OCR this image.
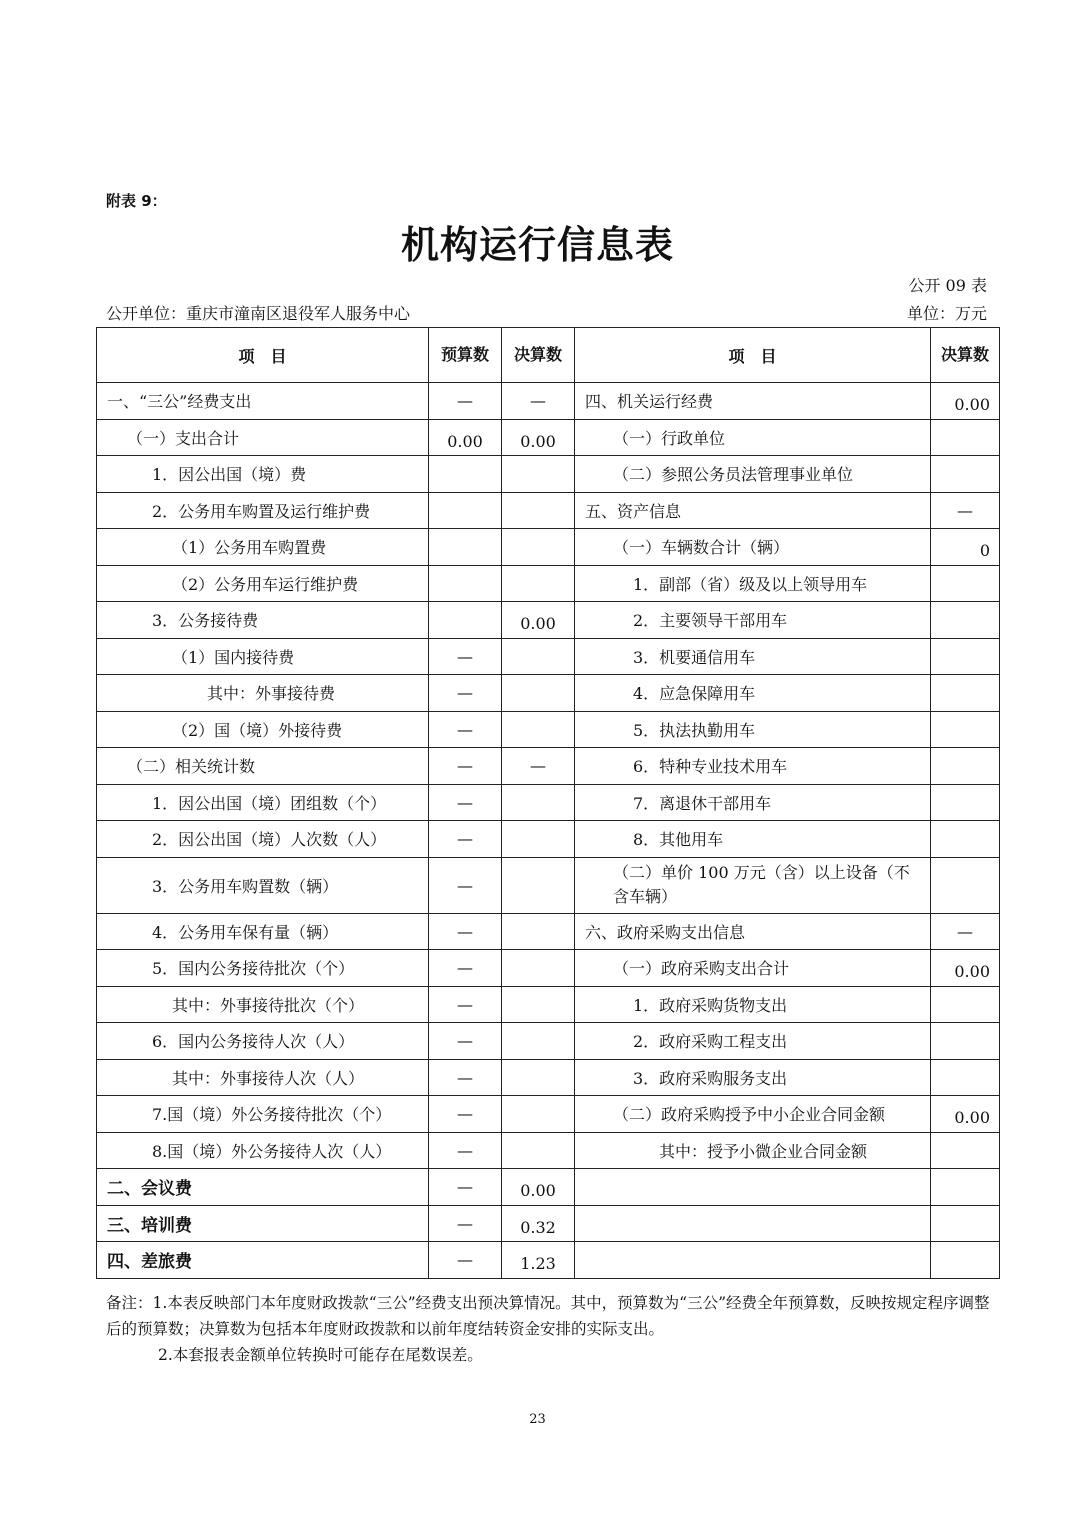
附表 9：
机构运行信息表
公开 09 表
公开单位：重庆市潼南区退役军人服务中心	单位：万元
项　目	预算数	决算数	项　目	决算数
一、“三公”经费支出	—	—	四、机关运行经费	0.00
（一）支出合计	0.00	0.00	（一）行政单位	
1．因公出国（境）费			（二）参照公务员法管理事业单位	
2．公务用车购置及运行维护费			五、资产信息	—
（1）公务用车购置费			（一）车辆数合计（辆）	0
（2）公务用车运行维护费			1．副部（省）级及以上领导用车	
3．公务接待费		0.00	2．主要领导干部用车	
（1）国内接待费	—		3．机要通信用车	
其中：外事接待费	—		4．应急保障用车	
（2）国（境）外接待费	—		5．执法执勤用车	
（二）相关统计数	—	—	6．特种专业技术用车	
1．因公出国（境）团组数（个）	—		7．离退休干部用车	
2．因公出国（境）人次数（人）	—		8．其他用车	
3．公务用车购置数（辆）	—		（二）单价 100 万元（含）以上设备（不含车辆）	
4．公务用车保有量（辆）	—		六、政府采购支出信息	—
5．国内公务接待批次（个）	—		（一）政府采购支出合计	0.00
其中：外事接待批次（个）	—		1．政府采购货物支出	
6．国内公务接待人次（人）	—		2．政府采购工程支出	
其中：外事接待人次（人）	—		3．政府采购服务支出	
7.国（境）外公务接待批次（个）	—		（二）政府采购授予中小企业合同金额	0.00
8.国（境）外公务接待人次（人）	—		其中：授予小微企业合同金额	
二、会议费	—	0.00		
三、培训费	—	0.32		
四、差旅费	—	1.23		

备注：1.本表反映部门本年度财政拨款“三公”经费支出预决算情况。其中，预算数为“三公”经费全年预算数，反映按规定程序调整后的预算数；决算数为包括本年度财政拨款和以前年度结转资金安排的实际支出。

2.本套报表金额单位转换时可能存在尾数误差。

23
